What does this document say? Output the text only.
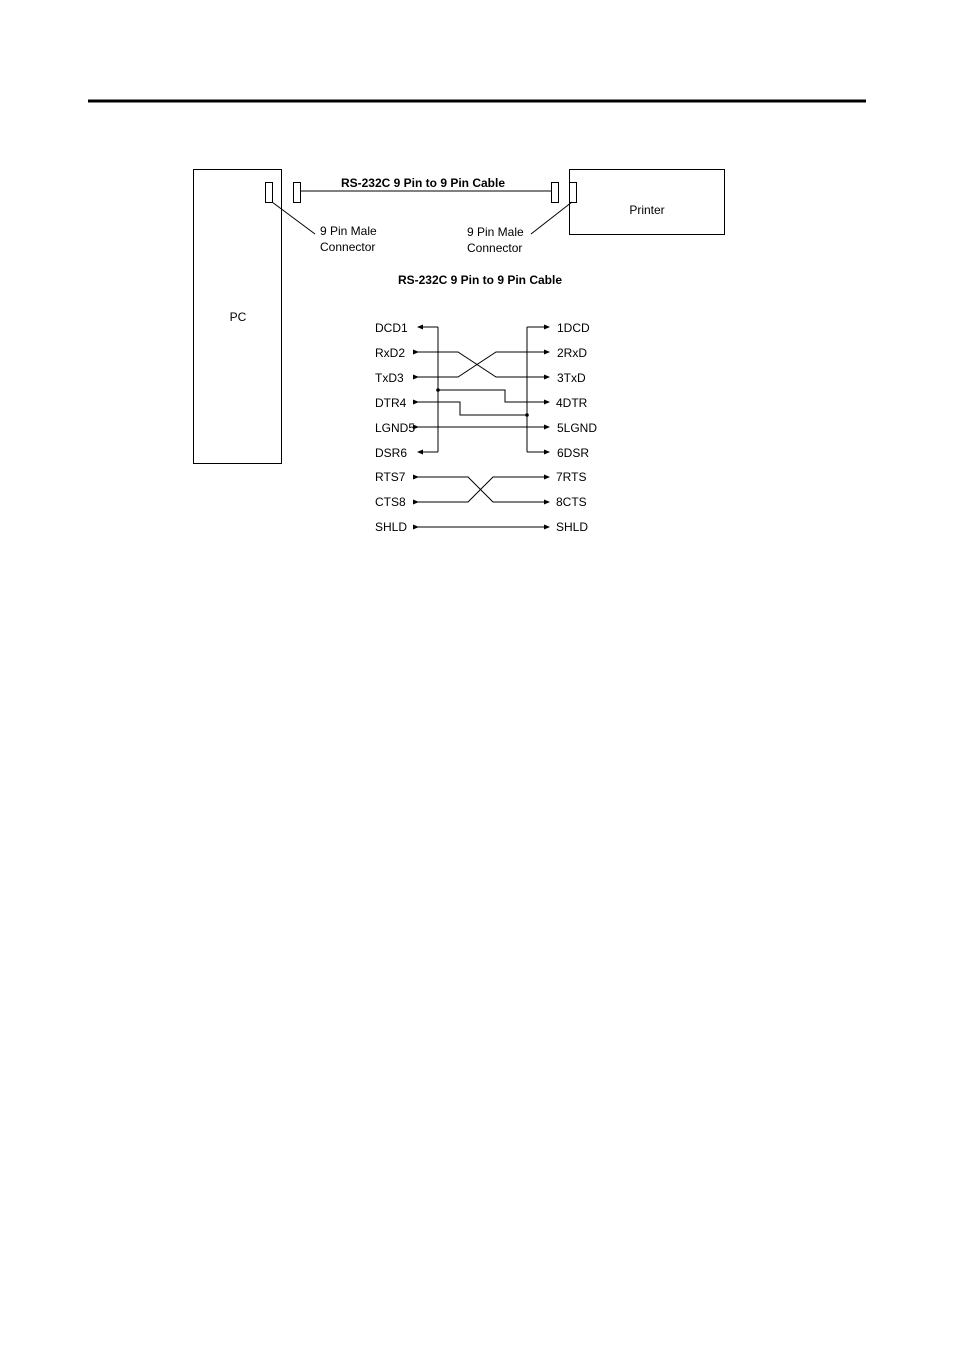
PC
Printer
RS-232C 9 Pin to 9 Pin Cable
9 Pin Male
Connector
9 Pin Male
Connector
RS-232C 9 Pin to 9 Pin Cable
DCD1
RxD2
TxD3
DTR4
LGND5
DSR6
RTS7
CTS8
SHLD
1DCD
2RxD
3TxD
4DTR
5LGND
6DSR
7RTS
8CTS
SHLD
